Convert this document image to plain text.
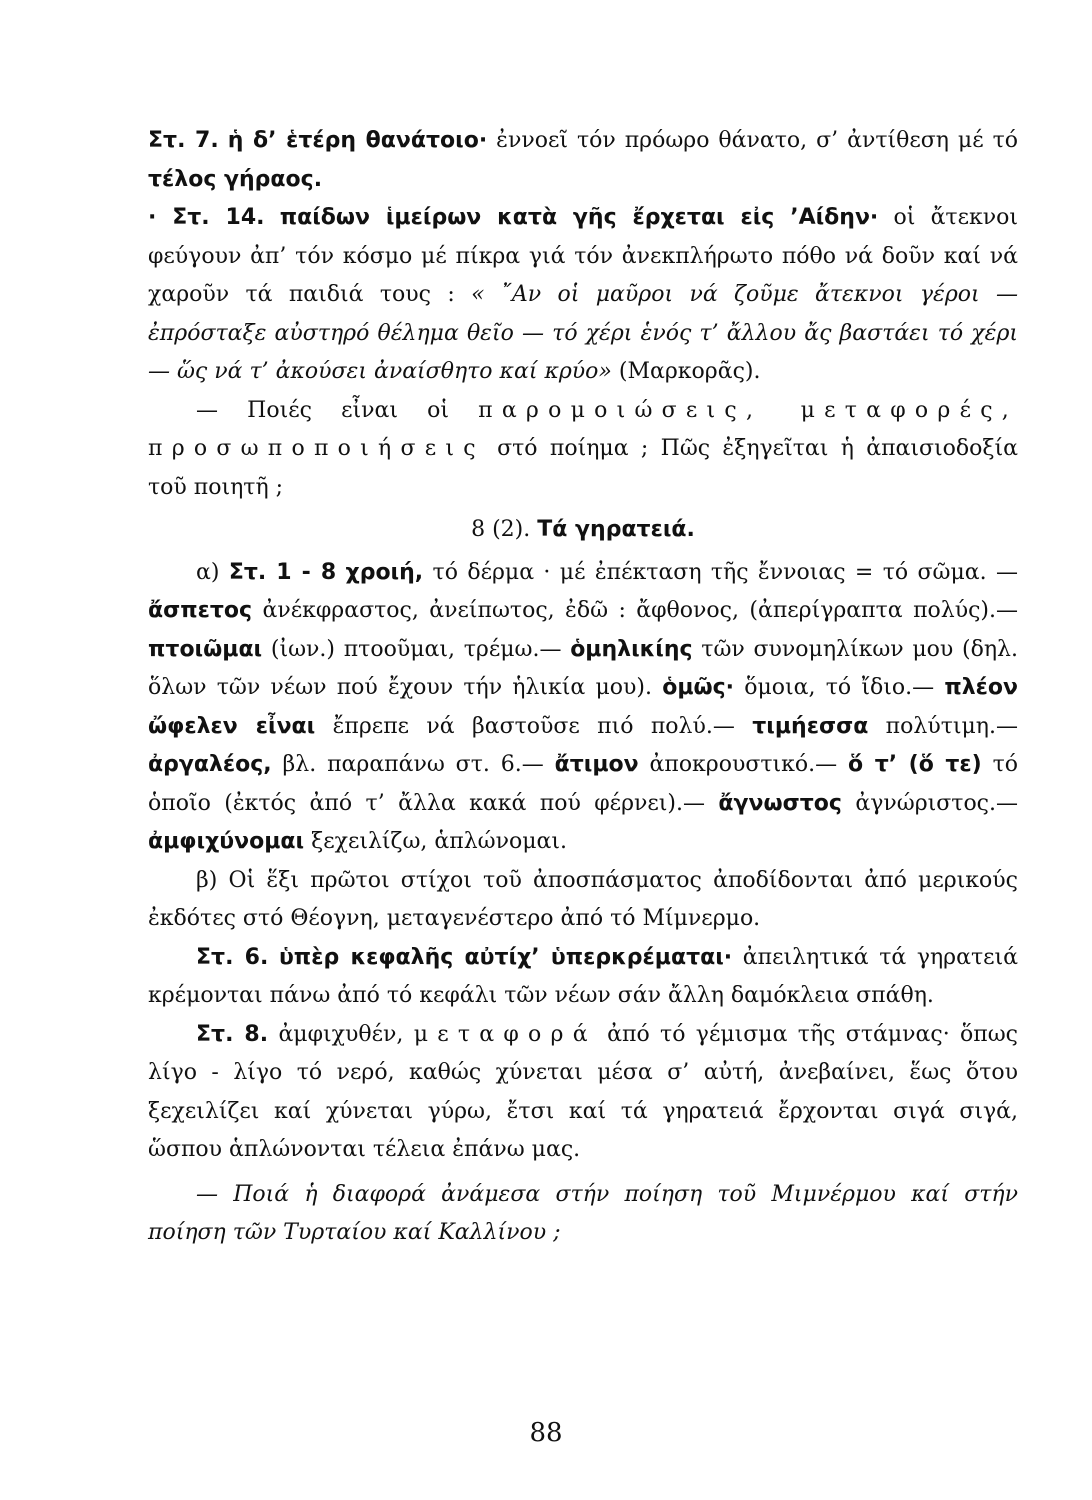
Στ. 7. ἡ δ’ ἑτέρη θανάτοιο· ἐννοεῖ τόν πρόωρο θάνατο, σ’ ἀντίθεση μέ τό τέλος γήραος.

· Στ. 14. παίδων ἱμείρων κατὰ γῆς ἔρχεται εἰς ’Αίδην· οἱ ἄτεκνοι φεύγουν ἀπ’ τόν κόσμο μέ πίκρα γιά τόν ἀνεκπλήρωτο πόθο νά δοῦν καί νά χαροῦν τά παιδιά τους : « ῎Αν οἱ μαῦροι νά ζοῦμε ἄτεκνοι γέροι — ἐπρόσταξε αὐστηρό θέλημα θεῖο — τό χέρι ἑνός τ’ ἄλλου ἄς βαστάει τό χέρι — ὥς νά τ’ ἀκούσει ἀναίσθητο καί κρύο» (Μαρκορᾶς).

— Ποιές εἶναι οἱ παρομοιώσεις, μεταφορές, προσωποποιήσεις στό ποίημα ; Πῶς ἐξηγεῖται ἡ ἀπαισιοδοξία τοῦ ποιητῆ ;

8 (2). Τά γηρατειά.

α) Στ. 1 - 8 χροιή, τό δέρμα · μέ ἐπέκταση τῆς ἔννοιας = τό σῶμα. — ἄσπετος ἀνέκφραστος, ἀνείπωτος, ἐδῶ : ἄφθονος, (ἀπερίγραπτα πολύς).— πτοιῶμαι (ἰων.) πτοοῦμαι, τρέμω.— ὁμηλικίης τῶν συνομηλίκων μου (δηλ. ὅλων τῶν νέων πού ἔχουν τήν ἡλικία μου). ὁμῶς· ὅμοια, τό ἴδιο.— πλέον ὤφελεν εἶναι ἔπρεπε νά βαστοῦσε πιό πολύ.— τιμήεσσα πολύτιμη.— ἀργαλέος, βλ. παραπάνω στ. 6.— ἄτιμον ἀποκρουστικό.— ὅ τ’ (ὅ τε) τό ὁποῖο (ἐκτός ἀπό τ’ ἄλλα κακά πού φέρνει).— ἄγνωστος ἀγνώριστος.— ἀμφιχύνομαι ξεχειλίζω, ἁπλώνομαι.

β) Οἱ ἕξι πρῶτοι στίχοι τοῦ ἀποσπάσματος ἀποδίδονται ἀπό μερικούς ἐκδότες στό Θέογνη, μεταγενέστερο ἀπό τό Μίμνερμο.

Στ. 6. ὑπὲρ κεφαλῆς αὐτίχ’ ὑπερκρέμαται· ἀπειλητικά τά γηρατειά κρέμονται πάνω ἀπό τό κεφάλι τῶν νέων σάν ἄλλη δαμόκλεια σπάθη.

Στ. 8. ἀμφιχυθέν, μεταφορά ἀπό τό γέμισμα τῆς στάμνας· ὅπως λίγο - λίγο τό νερό, καθώς χύνεται μέσα σ’ αὐτή, ἀνεβαίνει, ἕως ὅτου ξεχειλίζει καί χύνεται γύρω, ἔτσι καί τά γηρατειά ἔρχονται σιγά σιγά, ὥσπου ἁπλώνονται τέλεια ἐπάνω μας.

— Ποιά ἡ διαφορά ἀνάμεσα στήν ποίηση τοῦ Μιμνέρμου καί στήν ποίηση τῶν Τυρταίου καί Καλλίνου ;

88
